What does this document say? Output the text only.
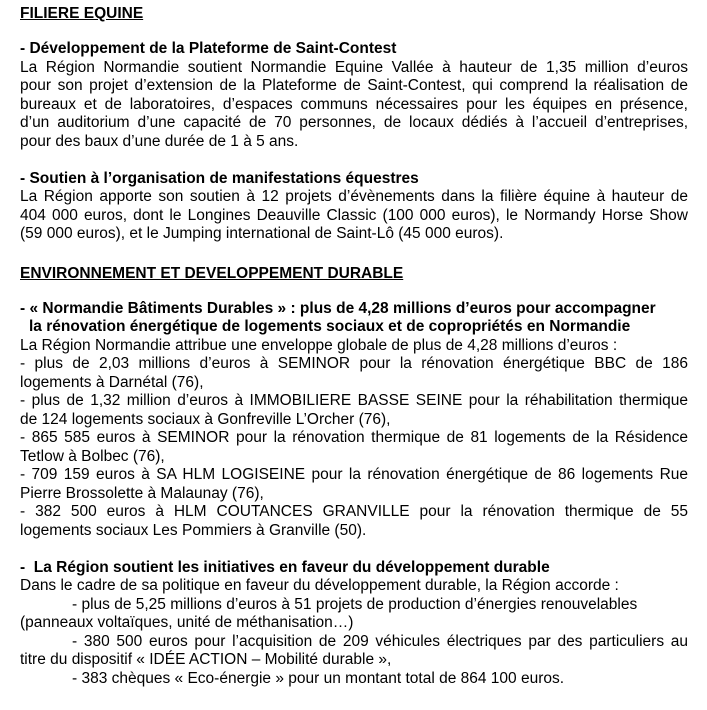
FILIERE EQUINE

- Développement de la Plateforme de Saint-Contest

La Région Normandie soutient Normandie Equine Vallée à hauteur de 1,35 million d’euros

pour son projet d’extension de la Plateforme de Saint-Contest, qui comprend la réalisation de

bureaux et de laboratoires, d’espaces communs nécessaires pour les équipes en présence,

d’un auditorium d’une capacité de 70 personnes, de locaux dédiés à l’accueil d’entreprises,

pour des baux d’une durée de 1 à 5 ans.

- Soutien à l’organisation de manifestations équestres

La Région apporte son soutien à 12 projets d’évènements dans la filière équine à hauteur de

404 000 euros, dont le Longines Deauville Classic (100 000 euros), le Normandy Horse Show

(59 000 euros), et le Jumping international de Saint-Lô (45 000 euros).

ENVIRONNEMENT ET DEVELOPPEMENT DURABLE

- « Normandie Bâtiments Durables » : plus de 4,28 millions d’euros pour accompagner
la rénovation énergétique de logements sociaux et de copropriétés en Normandie

La Région Normandie attribue une enveloppe globale de plus de 4,28 millions d’euros :

- plus de 2,03 millions d’euros à SEMINOR pour la rénovation énergétique BBC de 186

logements à Darnétal (76),

- plus de 1,32 million d’euros à IMMOBILIERE BASSE SEINE pour la réhabilitation thermique

de 124 logements sociaux à Gonfreville L’Orcher (76),

- 865 585 euros à SEMINOR pour la rénovation thermique de 81 logements de la Résidence

Tetlow à Bolbec (76),

- 709 159 euros à SA HLM LOGISEINE pour la rénovation énergétique de 86 logements Rue

Pierre Brossolette à Malaunay (76),

- 382 500 euros à HLM COUTANCES GRANVILLE pour la rénovation thermique de 55

logements sociaux Les Pommiers à Granville (50).

-  La Région soutient les initiatives en faveur du développement durable

Dans le cadre de sa politique en faveur du développement durable, la Région accorde :

- plus de 5,25 millions d’euros à 51 projets de production d’énergies renouvelables

(panneaux voltaïques, unité de méthanisation…)

- 380 500 euros pour l’acquisition de 209 véhicules électriques par des particuliers au

titre du dispositif « IDÉE ACTION – Mobilité durable »,

- 383 chèques « Eco-énergie » pour un montant total de 864 100 euros.
